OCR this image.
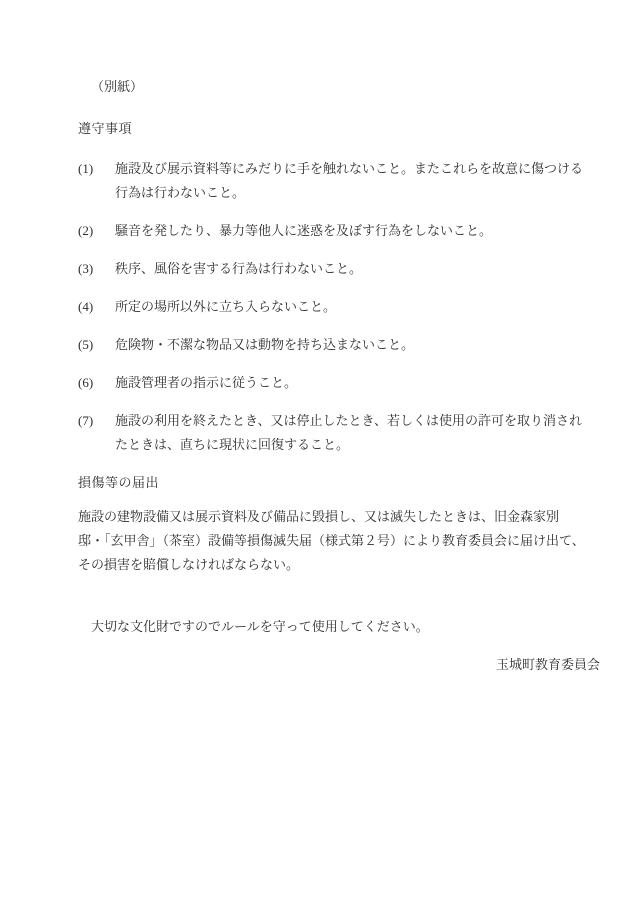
（別紙）

遵守事項

(1)	施設及び展示資料等にみだりに手を触れないこと。またこれらを故意に傷つける行為は行わないこと。
(2)	騒音を発したり、暴力等他人に迷惑を及ぼす行為をしないこと。
(3)	秩序、風俗を害する行為は行わないこと。
(4)	所定の場所以外に立ち入らないこと。
(5)	危険物・不潔な物品又は動物を持ち込まないこと。
(6)	施設管理者の指示に従うこと。
(7)	施設の利用を終えたとき、又は停止したとき、若しくは使用の許可を取り消されたときは、直ちに現状に回復すること。

損傷等の届出

施設の建物設備又は展示資料及び備品に毀損し、又は滅失したときは、旧金森家別邸・「玄甲舎」（茶室）設備等損傷滅失届（様式第２号）により教育委員会に届け出て、その損害を賠償しなければならない。

大切な文化財ですのでルールを守って使用してください。

玉城町教育委員会
